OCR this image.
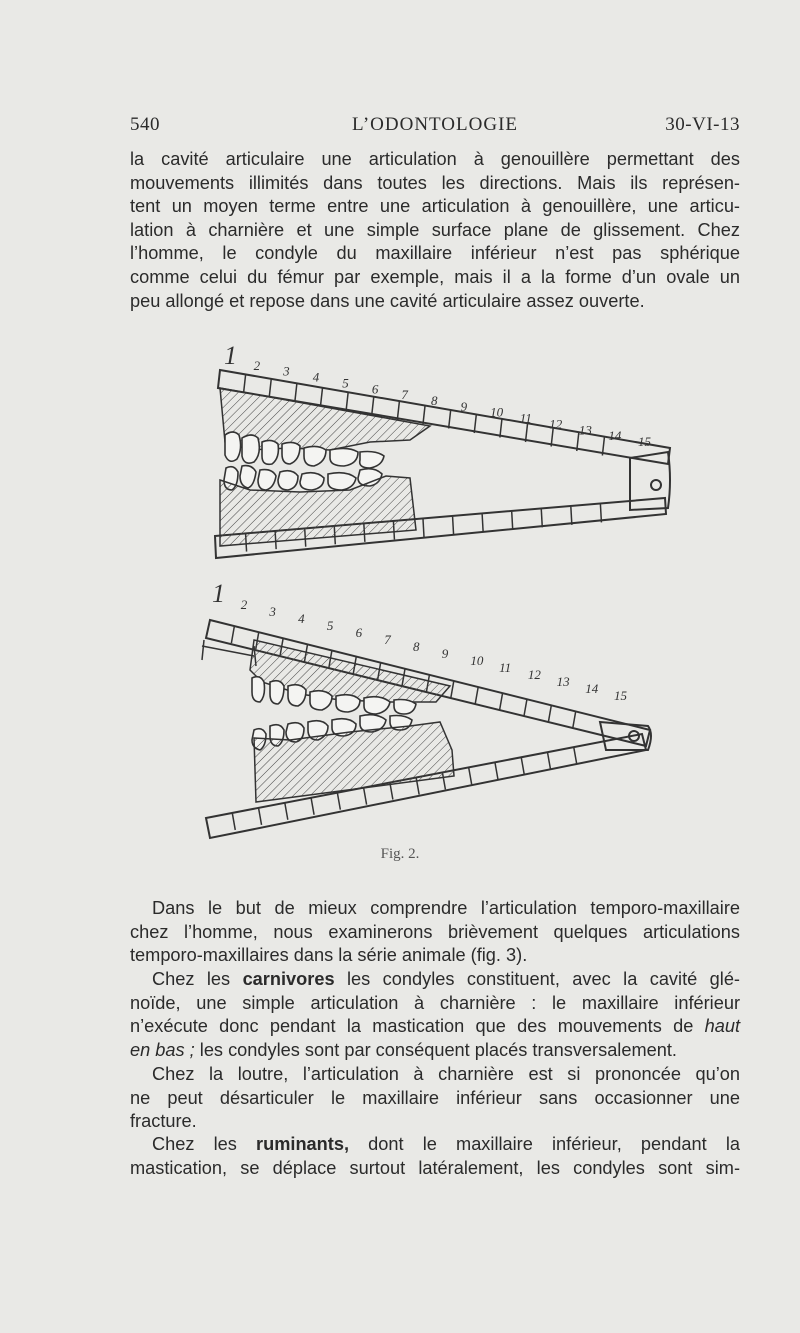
540	L’ODONTOLOGIE	30-VI-13

la cavité articulaire une articulation à genouillère permettant des
mouvements illimités dans toutes les directions. Mais ils représen-
tent un moyen terme entre une articulation à genouillère, une articu-
lation à charnière et une simple surface plane de glissement. Chez
l’homme, le condyle du maxillaire inférieur n’est pas sphérique
comme celui du fémur par exemple, mais il a la forme d’un ovale un
peu allongé et repose dans une cavité articulaire assez ouverte.

1 2 3 4 5 6 7 8 9 10 11 12 13 14 15
1 2 3 4 5 6 7 8 9 10 11 12 13 14 15
Fig. 2.

Dans le but de mieux comprendre l’articulation temporo-maxillaire
chez l’homme, nous examinerons brièvement quelques articulations
temporo-maxillaires dans la série animale (fig. 3).

Chez les carnivores les condyles constituent, avec la cavité glé-
noïde, une simple articulation à charnière : le maxillaire inférieur
n’exécute donc pendant la mastication que des mouvements de haut
en bas ; les condyles sont par conséquent placés transversalement.

Chez la loutre, l’articulation à charnière est si prononcée qu’on
ne peut désarticuler le maxillaire inférieur sans occasionner une
fracture.

Chez les ruminants, dont le maxillaire inférieur, pendant la
mastication, se déplace surtout latéralement, les condyles sont sim-
